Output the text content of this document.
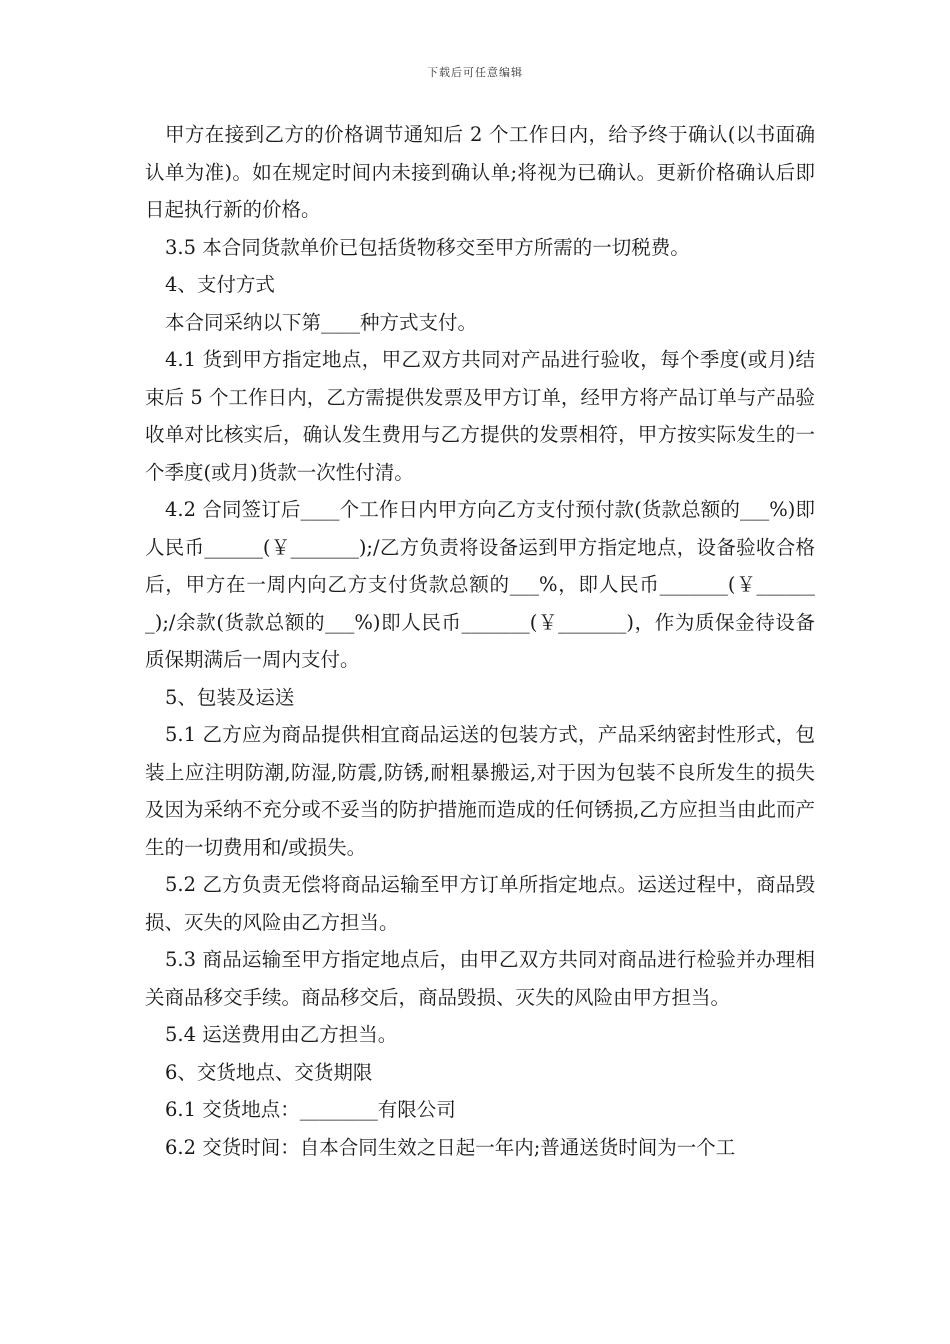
下载后可任意编辑

甲方在接到乙方的价格调节通知后 2 个工作日内，给予终于确认(以书面确认单为准)。如在规定时间内未接到确认单;将视为已确认。更新价格确认后即日起执行新的价格。

3.5 本合同货款单价已包括货物移交至甲方所需的一切税费。

4、支付方式

本合同采纳以下第____种方式支付。

4.1 货到甲方指定地点，甲乙双方共同对产品进行验收，每个季度(或月)结束后 5 个工作日内，乙方需提供发票及甲方订单，经甲方将产品订单与产品验收单对比核实后，确认发生费用与乙方提供的发票相符，甲方按实际发生的一个季度(或月)货款一次性付清。

4.2 合同签订后____个工作日内甲方向乙方支付预付款(货款总额的___%)即人民币______(￥_______);/乙方负责将设备运到甲方指定地点，设备验收合格后，甲方在一周内向乙方支付货款总额的___%，即人民币_______(￥_______);/余款(货款总额的___%)即人民币_______(￥_______)，作为质保金待设备质保期满后一周内支付。

5、包装及运送

5.1 乙方应为商品提供相宜商品运送的包装方式，产品采纳密封性形式，包装上应注明防潮,防湿,防震,防锈,耐粗暴搬运,对于因为包装不良所发生的损失及因为采纳不充分或不妥当的防护措施而造成的任何锈损,乙方应担当由此而产生的一切费用和/或损失。

5.2 乙方负责无偿将商品运输至甲方订单所指定地点。运送过程中，商品毁损、灭失的风险由乙方担当。

5.3 商品运输至甲方指定地点后，由甲乙双方共同对商品进行检验并办理相关商品移交手续。商品移交后，商品毁损、灭失的风险由甲方担当。

5.4 运送费用由乙方担当。

6、交货地点、交货期限

6.1 交货地点：________有限公司

6.2 交货时间：自本合同生效之日起一年内;普通送货时间为一个工
